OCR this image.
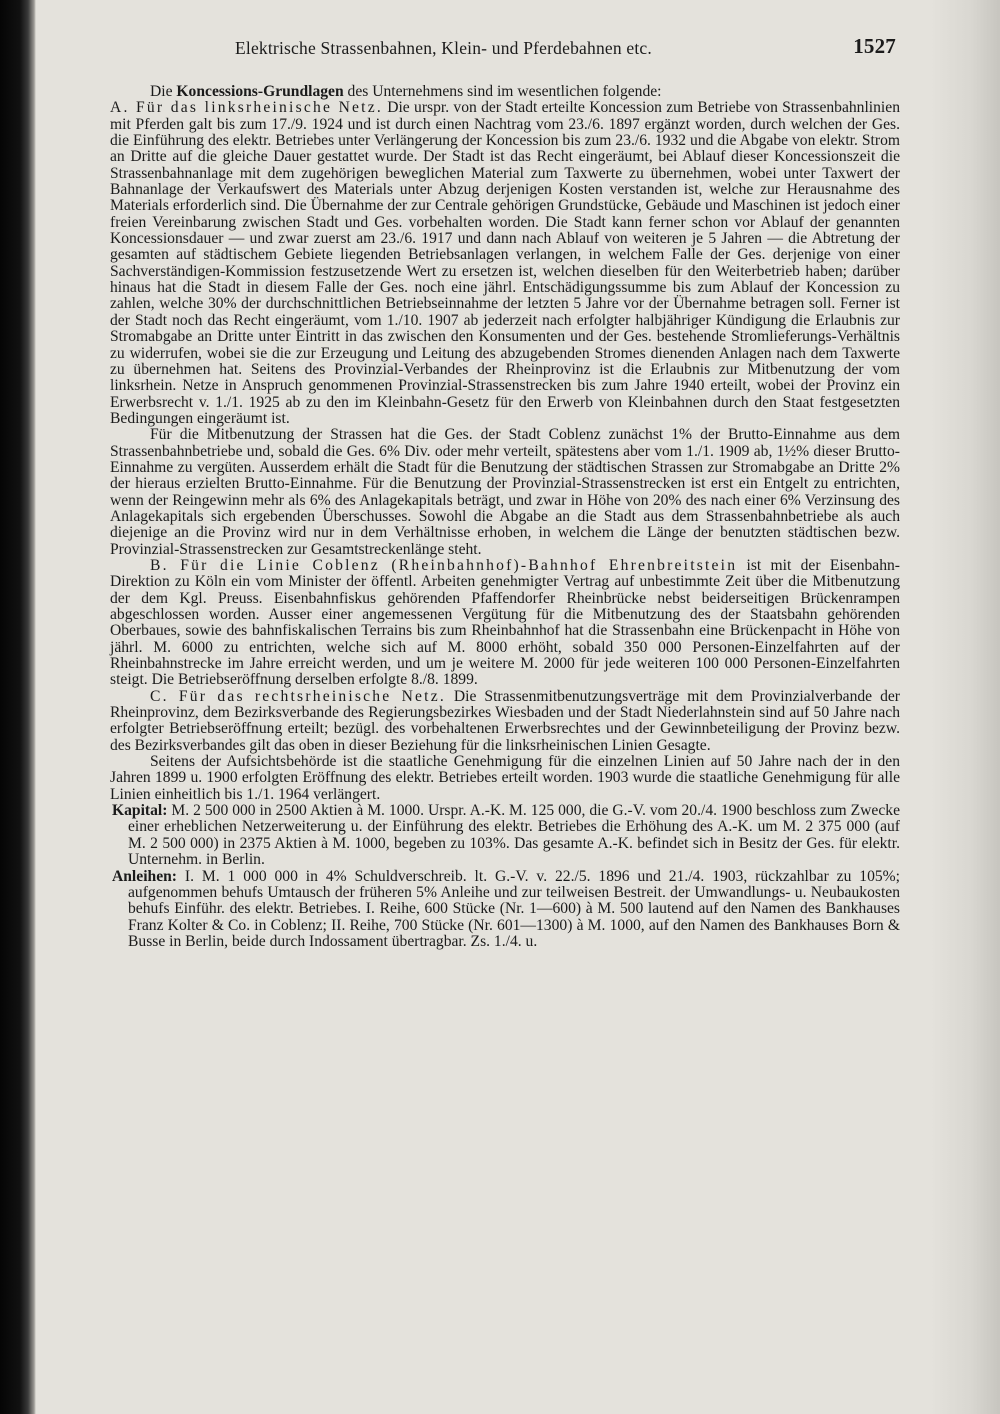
Elektrische Strassenbahnen, Klein- und Pferdebahnen etc.	1527

Die Koncessions-Grundlagen des Unternehmens sind im wesentlichen folgende:

A. Für das linksrheinische Netz. Die urspr. von der Stadt erteilte Koncession zum Betriebe von Strassenbahnlinien mit Pferden galt bis zum 17./9. 1924 und ist durch einen Nachtrag vom 23./6. 1897 ergänzt worden, durch welchen der Ges. die Einführung des elektr. Betriebes unter Verlängerung der Koncession bis zum 23./6. 1932 und die Abgabe von elektr. Strom an Dritte auf die gleiche Dauer gestattet wurde. Der Stadt ist das Recht eingeräumt, bei Ablauf dieser Koncessionszeit die Strassenbahnanlage mit dem zugehörigen beweglichen Material zum Taxwerte zu übernehmen, wobei unter Taxwert der Bahnanlage der Verkaufswert des Materials unter Abzug derjenigen Kosten verstanden ist, welche zur Herausnahme des Materials erforderlich sind. Die Übernahme der zur Centrale gehörigen Grundstücke, Gebäude und Maschinen ist jedoch einer freien Vereinbarung zwischen Stadt und Ges. vorbehalten worden. Die Stadt kann ferner schon vor Ablauf der genannten Koncessionsdauer — und zwar zuerst am 23./6. 1917 und dann nach Ablauf von weiteren je 5 Jahren — die Abtretung der gesamten auf städtischem Gebiete liegenden Betriebsanlagen verlangen, in welchem Falle der Ges. derjenige von einer Sachverständigen-Kommission festzusetzende Wert zu ersetzen ist, welchen dieselben für den Weiterbetrieb haben; darüber hinaus hat die Stadt in diesem Falle der Ges. noch eine jährl. Entschädigungssumme bis zum Ablauf der Koncession zu zahlen, welche 30% der durchschnittlichen Betriebseinnahme der letzten 5 Jahre vor der Übernahme betragen soll. Ferner ist der Stadt noch das Recht eingeräumt, vom 1./10. 1907 ab jederzeit nach erfolgter halbjähriger Kündigung die Erlaubnis zur Stromabgabe an Dritte unter Eintritt in das zwischen den Konsumenten und der Ges. bestehende Stromlieferungs-Verhältnis zu widerrufen, wobei sie die zur Erzeugung und Leitung des abzugebenden Stromes dienenden Anlagen nach dem Taxwerte zu übernehmen hat. Seitens des Provinzial-Verbandes der Rheinprovinz ist die Erlaubnis zur Mitbenutzung der vom linksrhein. Netze in Anspruch genommenen Provinzial-Strassenstrecken bis zum Jahre 1940 erteilt, wobei der Provinz ein Erwerbsrecht v. 1./1. 1925 ab zu den im Kleinbahn-Gesetz für den Erwerb von Kleinbahnen durch den Staat festgesetzten Bedingungen eingeräumt ist.

Für die Mitbenutzung der Strassen hat die Ges. der Stadt Coblenz zunächst 1% der Brutto-Einnahme aus dem Strassenbahnbetriebe und, sobald die Ges. 6% Div. oder mehr verteilt, spätestens aber vom 1./1. 1909 ab, 1½% dieser Brutto-Einnahme zu vergüten. Ausserdem erhält die Stadt für die Benutzung der städtischen Strassen zur Stromabgabe an Dritte 2% der hieraus erzielten Brutto-Einnahme. Für die Benutzung der Provinzial-Strassenstrecken ist erst ein Entgelt zu entrichten, wenn der Reingewinn mehr als 6% des Anlagekapitals beträgt, und zwar in Höhe von 20% des nach einer 6% Verzinsung des Anlagekapitals sich ergebenden Überschusses. Sowohl die Abgabe an die Stadt aus dem Strassenbahnbetriebe als auch diejenige an die Provinz wird nur in dem Verhältnisse erhoben, in welchem die Länge der benutzten städtischen bezw. Provinzial-Strassenstrecken zur Gesamtstreckenlänge steht.

B. Für die Linie Coblenz (Rheinbahnhof)-Bahnhof Ehrenbreitstein ist mit der Eisenbahn-Direktion zu Köln ein vom Minister der öffentl. Arbeiten genehmigter Vertrag auf unbestimmte Zeit über die Mitbenutzung der dem Kgl. Preuss. Eisenbahnfiskus gehörenden Pfaffendorfer Rheinbrücke nebst beiderseitigen Brückenrampen abgeschlossen worden. Ausser einer angemessenen Vergütung für die Mitbenutzung des der Staatsbahn gehörenden Oberbaues, sowie des bahnfiskalischen Terrains bis zum Rheinbahnhof hat die Strassenbahn eine Brückenpacht in Höhe von jährl. M. 6000 zu entrichten, welche sich auf M. 8000 erhöht, sobald 350 000 Personen-Einzelfahrten auf der Rheinbahnstrecke im Jahre erreicht werden, und um je weitere M. 2000 für jede weiteren 100 000 Personen-Einzelfahrten steigt. Die Betriebseröffnung derselben erfolgte 8./8. 1899.

C. Für das rechtsrheinische Netz. Die Strassenmitbenutzungsverträge mit dem Provinzialverbande der Rheinprovinz, dem Bezirksverbande des Regierungsbezirkes Wiesbaden und der Stadt Niederlahnstein sind auf 50 Jahre nach erfolgter Betriebseröffnung erteilt; bezügl. des vorbehaltenen Erwerbsrechtes und der Gewinnbeteiligung der Provinz bezw. des Bezirksverbandes gilt das oben in dieser Beziehung für die linksrheinischen Linien Gesagte.

Seitens der Aufsichtsbehörde ist die staatliche Genehmigung für die einzelnen Linien auf 50 Jahre nach der in den Jahren 1899 u. 1900 erfolgten Eröffnung des elektr. Betriebes erteilt worden. 1903 wurde die staatliche Genehmigung für alle Linien einheitlich bis 1./1. 1964 verlängert.

Kapital: M. 2 500 000 in 2500 Aktien à M. 1000. Urspr. A.-K. M. 125 000, die G.-V. vom 20./4. 1900 beschloss zum Zwecke einer erheblichen Netzerweiterung u. der Einführung des elektr. Betriebes die Erhöhung des A.-K. um M. 2 375 000 (auf M. 2 500 000) in 2375 Aktien à M. 1000, begeben zu 103%. Das gesamte A.-K. befindet sich in Besitz der Ges. für elektr. Unternehm. in Berlin.

Anleihen: I. M. 1 000 000 in 4% Schuldverschreib. lt. G.-V. v. 22./5. 1896 und 21./4. 1903, rückzahlbar zu 105%; aufgenommen behufs Umtausch der früheren 5% Anleihe und zur teilweisen Bestreit. der Umwandlungs- u. Neubaukosten behufs Einführ. des elektr. Betriebes. I. Reihe, 600 Stücke (Nr. 1—600) à M. 500 lautend auf den Namen des Bankhauses Franz Kolter & Co. in Coblenz; II. Reihe, 700 Stücke (Nr. 601—1300) à M. 1000, auf den Namen des Bankhauses Born & Busse in Berlin, beide durch Indossament übertragbar. Zs. 1./4. u.
